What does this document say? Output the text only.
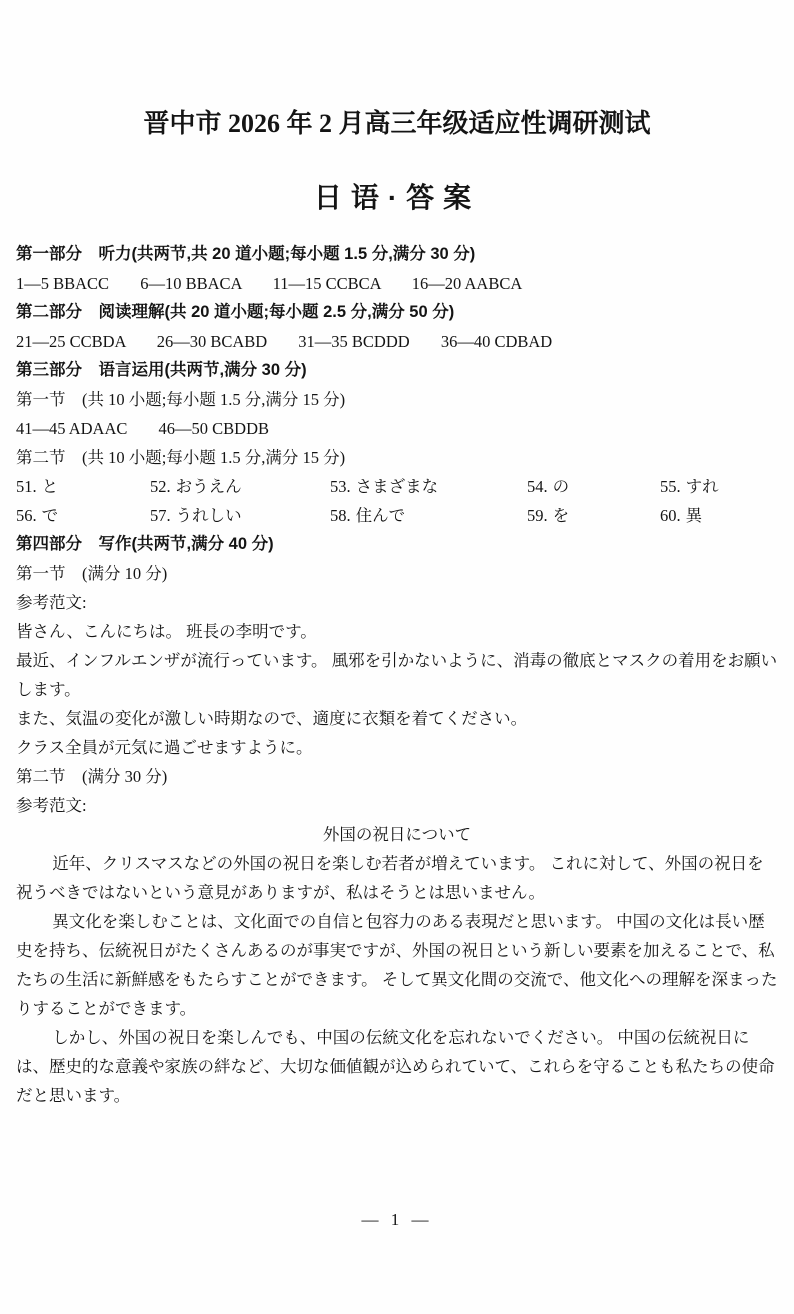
晋中市 2026 年 2 月高三年级适应性调研测试
日语·答案

第一部分　听力(共两节,共 20 道小题;每小题 1.5 分,满分 30 分)

1—5 BBACC 6—10 BBACA 11—15 CCBCA 16—20 AABCA

第二部分　阅读理解(共 20 道小题;每小题 2.5 分,满分 50 分)

21—25 CCBDA 26—30 BCABD 31—35 BCDDD 36—40 CDBAD

第三部分　语言运用(共两节,满分 30 分)

第一节　(共 10 小题;每小题 1.5 分,满分 15 分)

41—45 ADAAC 46—50 CBDDB

第二节　(共 10 小题;每小题 1.5 分,满分 15 分)

51. と	52. おうえん	53. さまざまな	54. の	55. すれ
56. で	57. うれしい	58. 住んで	59. を	60. 異

第四部分　写作(共两节,满分 40 分)

第一节　(满分 10 分)

参考范文:

皆さん、こんにちは。 班長の李明です。

最近、インフルエンザが流行っています。 風邪を引かないように、消毒の徹底とマスクの着用をお願いします。

また、気温の変化が激しい時期なので、適度に衣類を着てください。

クラス全員が元気に過ごせますように。

第二节　(满分 30 分)

参考范文:

外国の祝日について

近年、クリスマスなどの外国の祝日を楽しむ若者が増えています。 これに対して、外国の祝日を祝うべきではないという意見がありますが、私はそうとは思いません。

異文化を楽しむことは、文化面での自信と包容力のある表現だと思います。 中国の文化は長い歴史を持ち、伝統祝日がたくさんあるのが事実ですが、外国の祝日という新しい要素を加えることで、私たちの生活に新鮮感をもたらすことができます。 そして異文化間の交流で、他文化への理解を深まったりすることができます。

しかし、外国の祝日を楽しんでも、中国の伝統文化を忘れないでください。 中国の伝統祝日には、歴史的な意義や家族の絆など、大切な価値観が込められていて、これらを守ることも私たちの使命だと思います。

— 1 —
